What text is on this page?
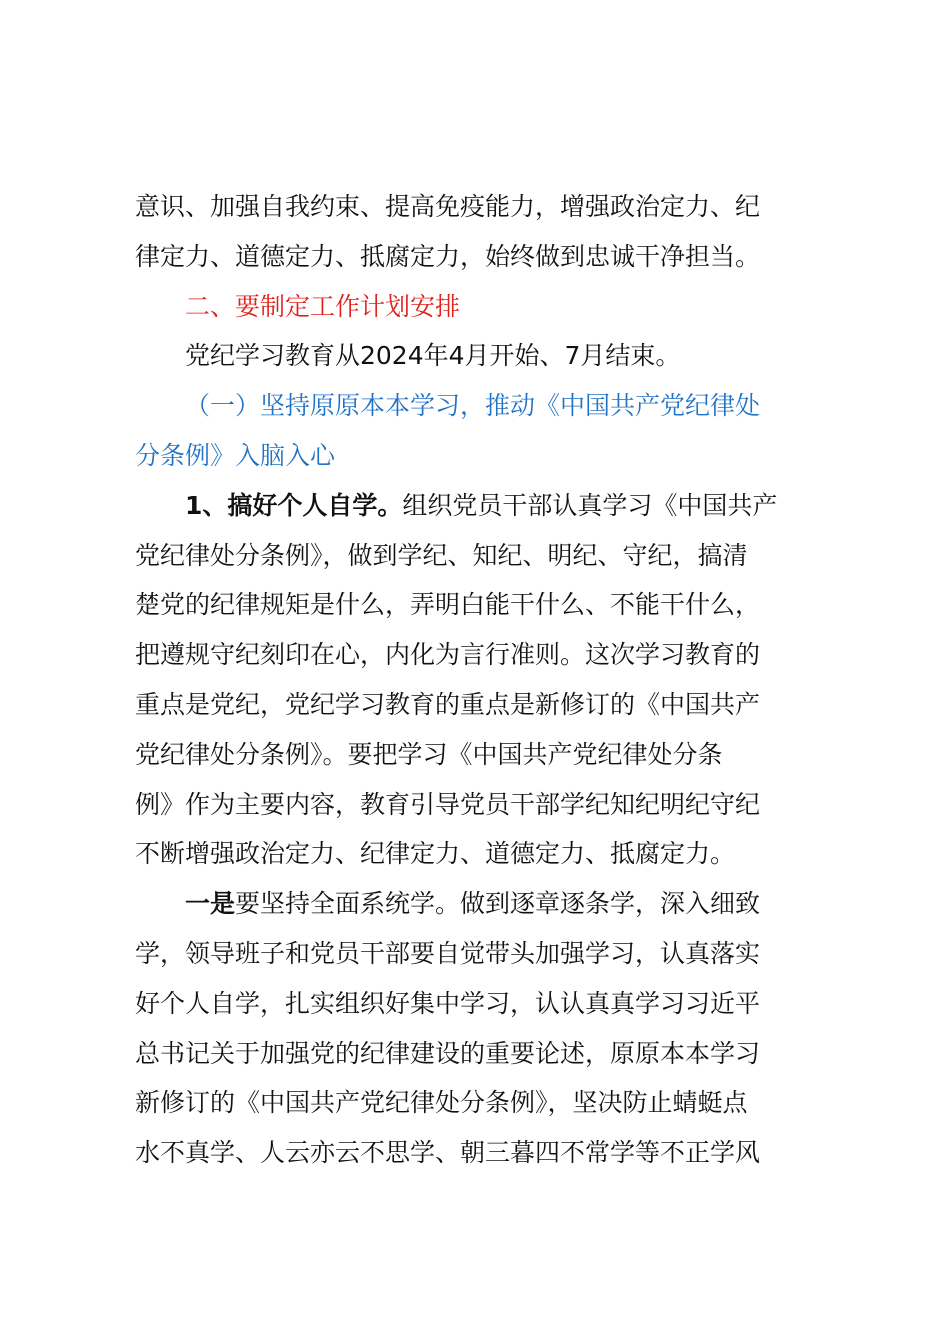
意识、加强自我约束、提高免疫能力，增强政治定力、纪
律定力、道德定力、抵腐定力，始终做到忠诚干净担当。

二、要制定工作计划安排

党纪学习教育从2024年4月开始、7月结束。

（一）坚持原原本本学习，推动《中国共产党纪律处
分条例》入脑入心

1、搞好个人自学。组织党员干部认真学习《中国共产
党纪律处分条例》，做到学纪、知纪、明纪、守纪，搞清
楚党的纪律规矩是什么，弄明白能干什么、不能干什么，
把遵规守纪刻印在心，内化为言行准则。这次学习教育的
重点是党纪，党纪学习教育的重点是新修订的《中国共产
党纪律处分条例》。要把学习《中国共产党纪律处分条
例》作为主要内容，教育引导党员干部学纪知纪明纪守纪
不断增强政治定力、纪律定力、道德定力、抵腐定力。

一是要坚持全面系统学。做到逐章逐条学，深入细致
学，领导班子和党员干部要自觉带头加强学习，认真落实
好个人自学，扎实组织好集中学习，认认真真学习习近平
总书记关于加强党的纪律建设的重要论述，原原本本学习
新修订的《中国共产党纪律处分条例》，坚决防止蜻蜓点
水不真学、人云亦云不思学、朝三暮四不常学等不正学风
